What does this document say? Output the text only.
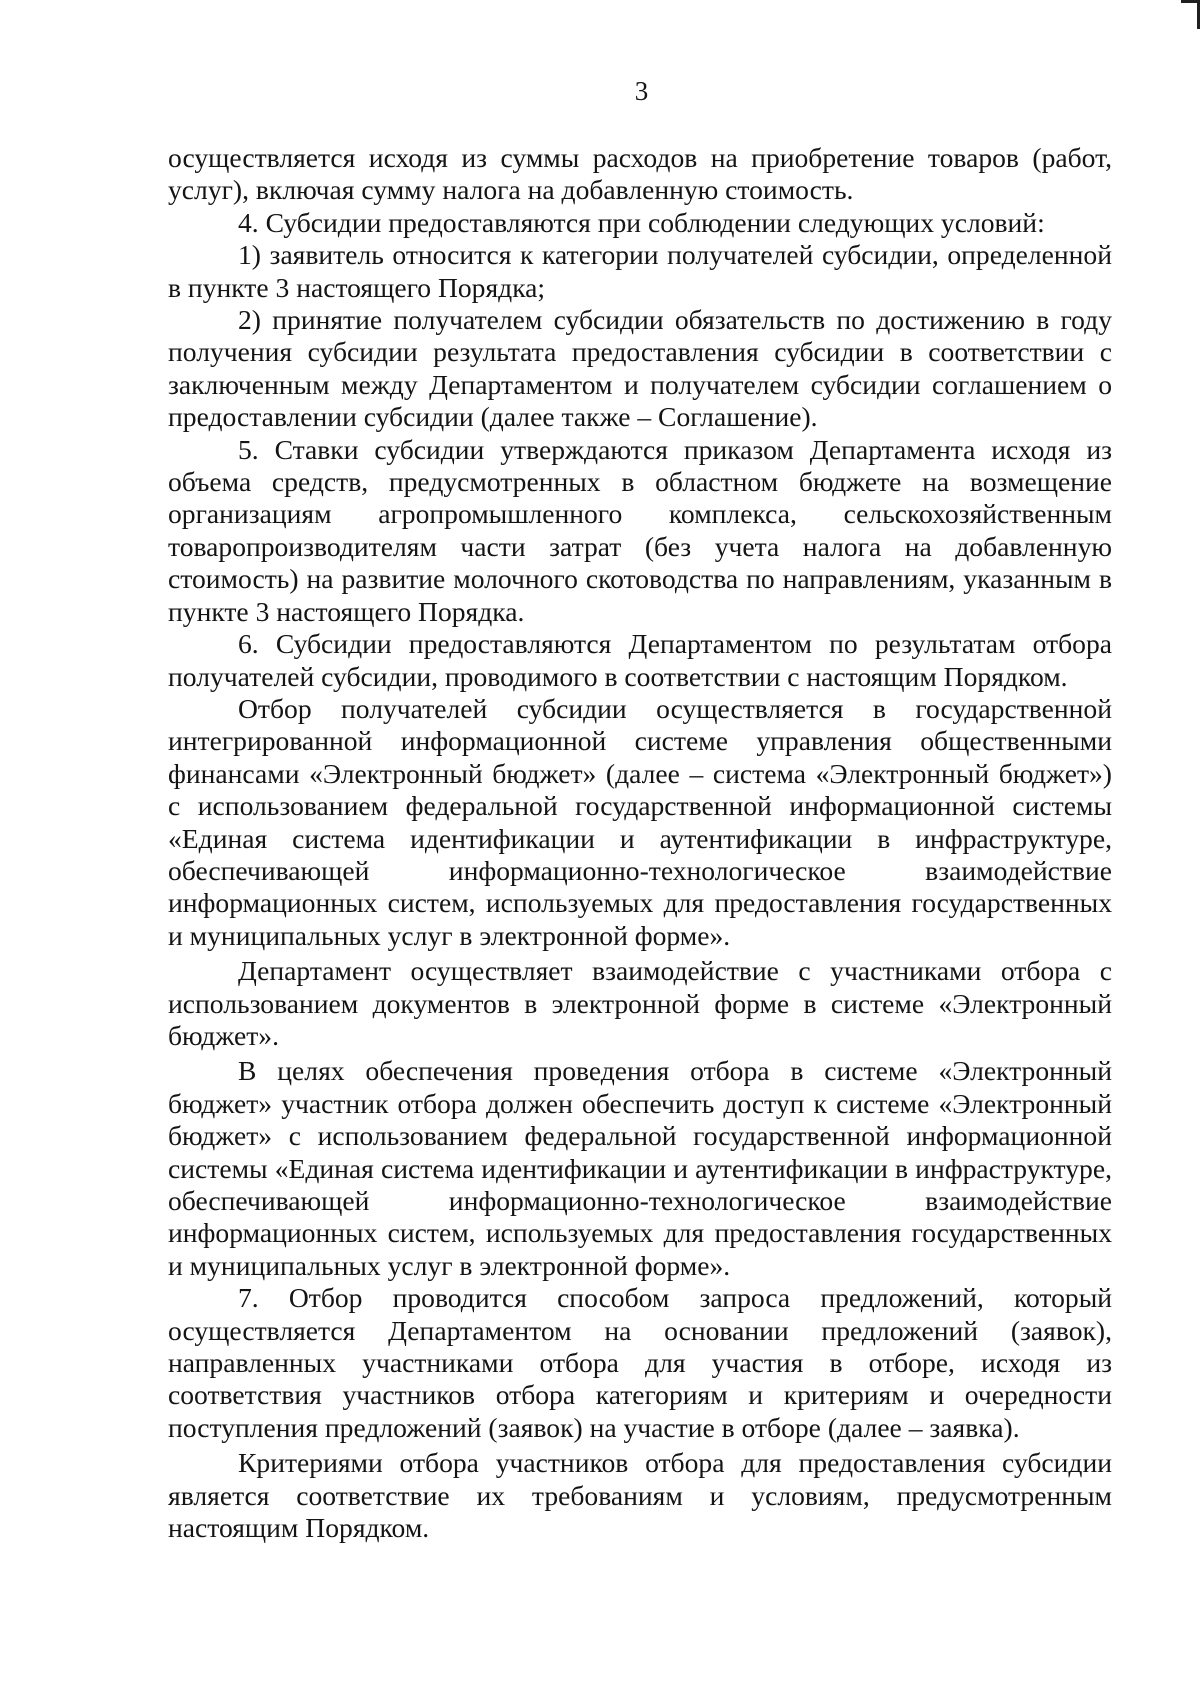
3

осуществляется исходя из суммы расходов на приобретение товаров (работ, услуг), включая сумму налога на добавленную стоимость.

4. Субсидии предоставляются при соблюдении следующих условий:

1) заявитель относится к категории получателей субсидии, определенной в пункте 3 настоящего Порядка;

2) принятие получателем субсидии обязательств по достижению в году получения субсидии результата предоставления субсидии в соответствии с заключенным между Департаментом и получателем субсидии соглашением о предоставлении субсидии (далее также – Соглашение).

5. Ставки субсидии утверждаются приказом Департамента исходя из объема средств, предусмотренных в областном бюджете на возмещение организациям агропромышленного комплекса, сельскохозяйственным товаропроизводителям части затрат (без учета налога на добавленную стоимость) на развитие молочного скотоводства по направлениям, указанным в пункте 3 настоящего Порядка.

6. Субсидии предоставляются Департаментом по результатам отбора получателей субсидии, проводимого в соответствии с настоящим Порядком.

Отбор получателей субсидии осуществляется в государственной интегрированной информационной системе управления общественными финансами «Электронный бюджет» (далее – система «Электронный бюджет») с использованием федеральной государственной информационной системы «Единая система идентификации и аутентификации в инфраструктуре, обеспечивающей информационно-технологическое взаимодействие информационных систем, используемых для предоставления государственных и муниципальных услуг в электронной форме».

Департамент осуществляет взаимодействие с участниками отбора с использованием документов в электронной форме в системе «Электронный бюджет».

В целях обеспечения проведения отбора в системе «Электронный бюджет» участник отбора должен обеспечить доступ к системе «Электронный бюджет» с использованием федеральной государственной информационной системы «Единая система идентификации и аутентификации в инфраструктуре, обеспечивающей информационно-технологическое взаимодействие информационных систем, используемых для предоставления государственных и муниципальных услуг в электронной форме».

7. Отбор проводится способом запроса предложений, который осуществляется Департаментом на основании предложений (заявок), направленных участниками отбора для участия в отборе, исходя из соответствия участников отбора категориям и критериям и очередности поступления предложений (заявок) на участие в отборе (далее – заявка).

Критериями отбора участников отбора для предоставления субсидии является соответствие их требованиям и условиям, предусмотренным настоящим Порядком.
